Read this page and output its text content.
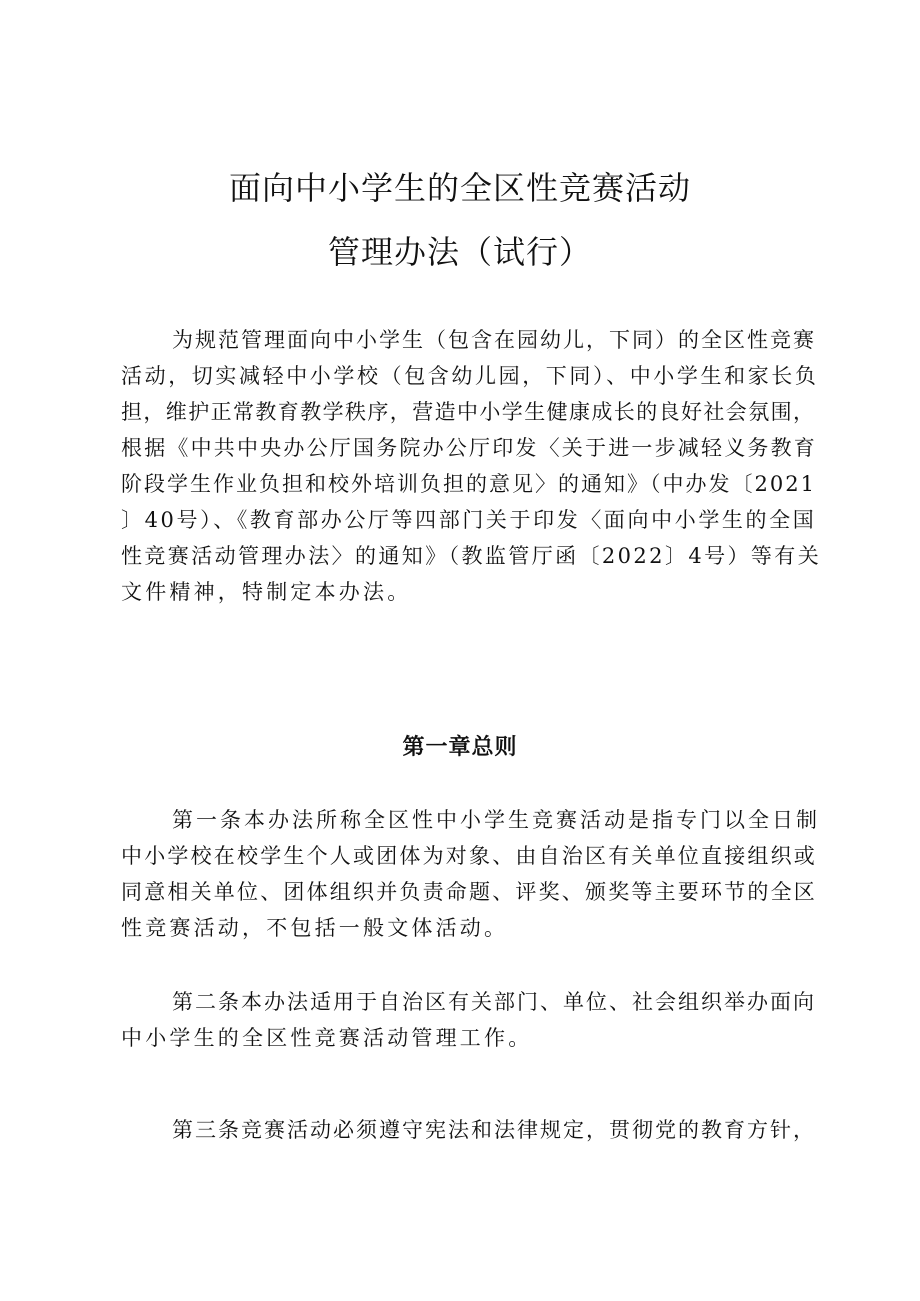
面向中小学生的全区性竞赛活动
管理办法（试行）
为规范管理面向中小学生（包含在园幼儿，下同）的全区性竞赛
活动，切实减轻中小学校（包含幼儿园，下同）、中小学生和家长负
担，维护正常教育教学秩序，营造中小学生健康成长的良好社会氛围，
根据《中共中央办公厅国务院办公厅印发〈关于进一步减轻义务教育
阶段学生作业负担和校外培训负担的意见〉的通知》（中办发〔2021
〕40号）、《教育部办公厅等四部门关于印发〈面向中小学生的全国
性竞赛活动管理办法〉的通知》（教监管厅函〔2022〕4号）等有关
文件精神，特制定本办法。
第一章总则
第一条本办法所称全区性中小学生竞赛活动是指专门以全日制
中小学校在校学生个人或团体为对象、由自治区有关单位直接组织或
同意相关单位、团体组织并负责命题、评奖、颁奖等主要环节的全区
性竞赛活动，不包括一般文体活动。
第二条本办法适用于自治区有关部门、单位、社会组织举办面向
中小学生的全区性竞赛活动管理工作。
第三条竞赛活动必须遵守宪法和法律规定，贯彻党的教育方针，
